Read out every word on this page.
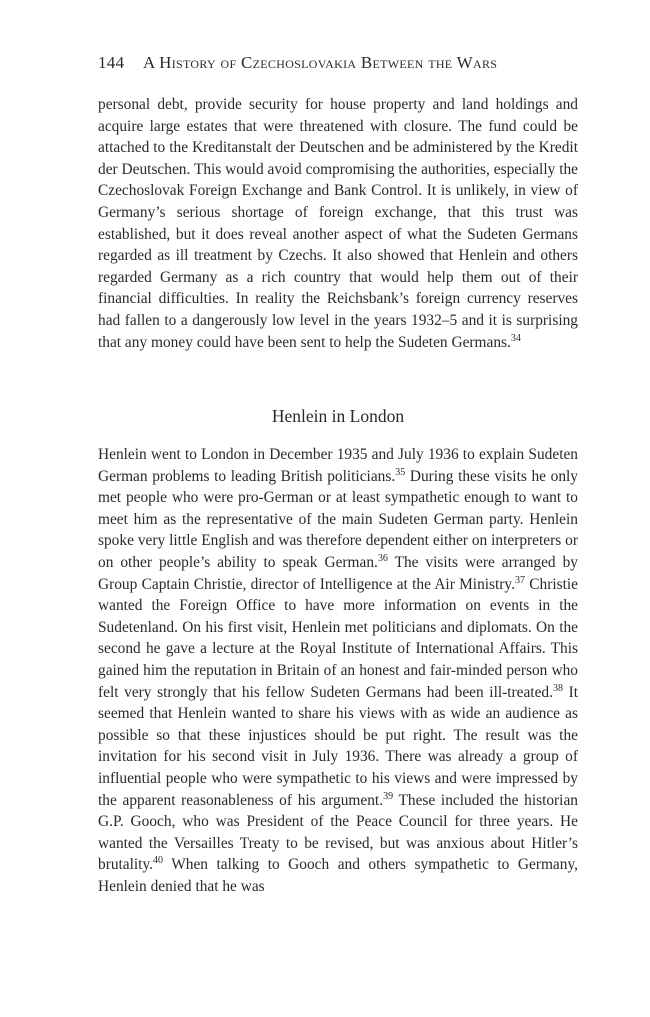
144 A History of Czechoslovakia Between the Wars

personal debt, provide security for house property and land holdings and acquire large estates that were threatened with closure. The fund could be attached to the Kreditanstalt der Deutschen and be administered by the Kredit der Deutschen. This would avoid compromising the authorities, especially the Czechoslovak Foreign Exchange and Bank Control. It is unlikely, in view of Germany’s serious shortage of foreign exchange, that this trust was established, but it does reveal another aspect of what the Sudeten Germans regarded as ill treatment by Czechs. It also showed that Henlein and others regarded Germany as a rich country that would help them out of their financial difficulties. In reality the Reichsbank’s foreign currency reserves had fallen to a dangerously low level in the years 1932–5 and it is surprising that any money could have been sent to help the Sudeten Germans.$^{34}$

Henlein in London

Henlein went to London in December 1935 and July 1936 to explain Sudeten German problems to leading British politicians.$^{35}$ During these visits he only met people who were pro-German or at least sympathetic enough to want to meet him as the representative of the main Sudeten German party. Henlein spoke very little English and was therefore dependent either on interpreters or on other people’s ability to speak German.$^{36}$ The visits were arranged by Group Captain Christie, director of Intelligence at the Air Ministry.$^{37}$ Christie wanted the Foreign Office to have more information on events in the Sudetenland. On his first visit, Henlein met politicians and diplomats. On the second he gave a lecture at the Royal Institute of International Affairs. This gained him the reputation in Britain of an honest and fair-minded person who felt very strongly that his fellow Sudeten Germans had been ill-treated.$^{38}$ It seemed that Henlein wanted to share his views with as wide an audience as possible so that these injustices should be put right. The result was the invitation for his second visit in July 1936. There was already a group of influential people who were sympathetic to his views and were impressed by the apparent reasonableness of his argument.$^{39}$ These included the historian G.P. Gooch, who was President of the Peace Council for three years. He wanted the Versailles Treaty to be revised, but was anxious about Hitler’s brutality.$^{40}$ When talking to Gooch and others sympathetic to Germany, Henlein denied that he was
